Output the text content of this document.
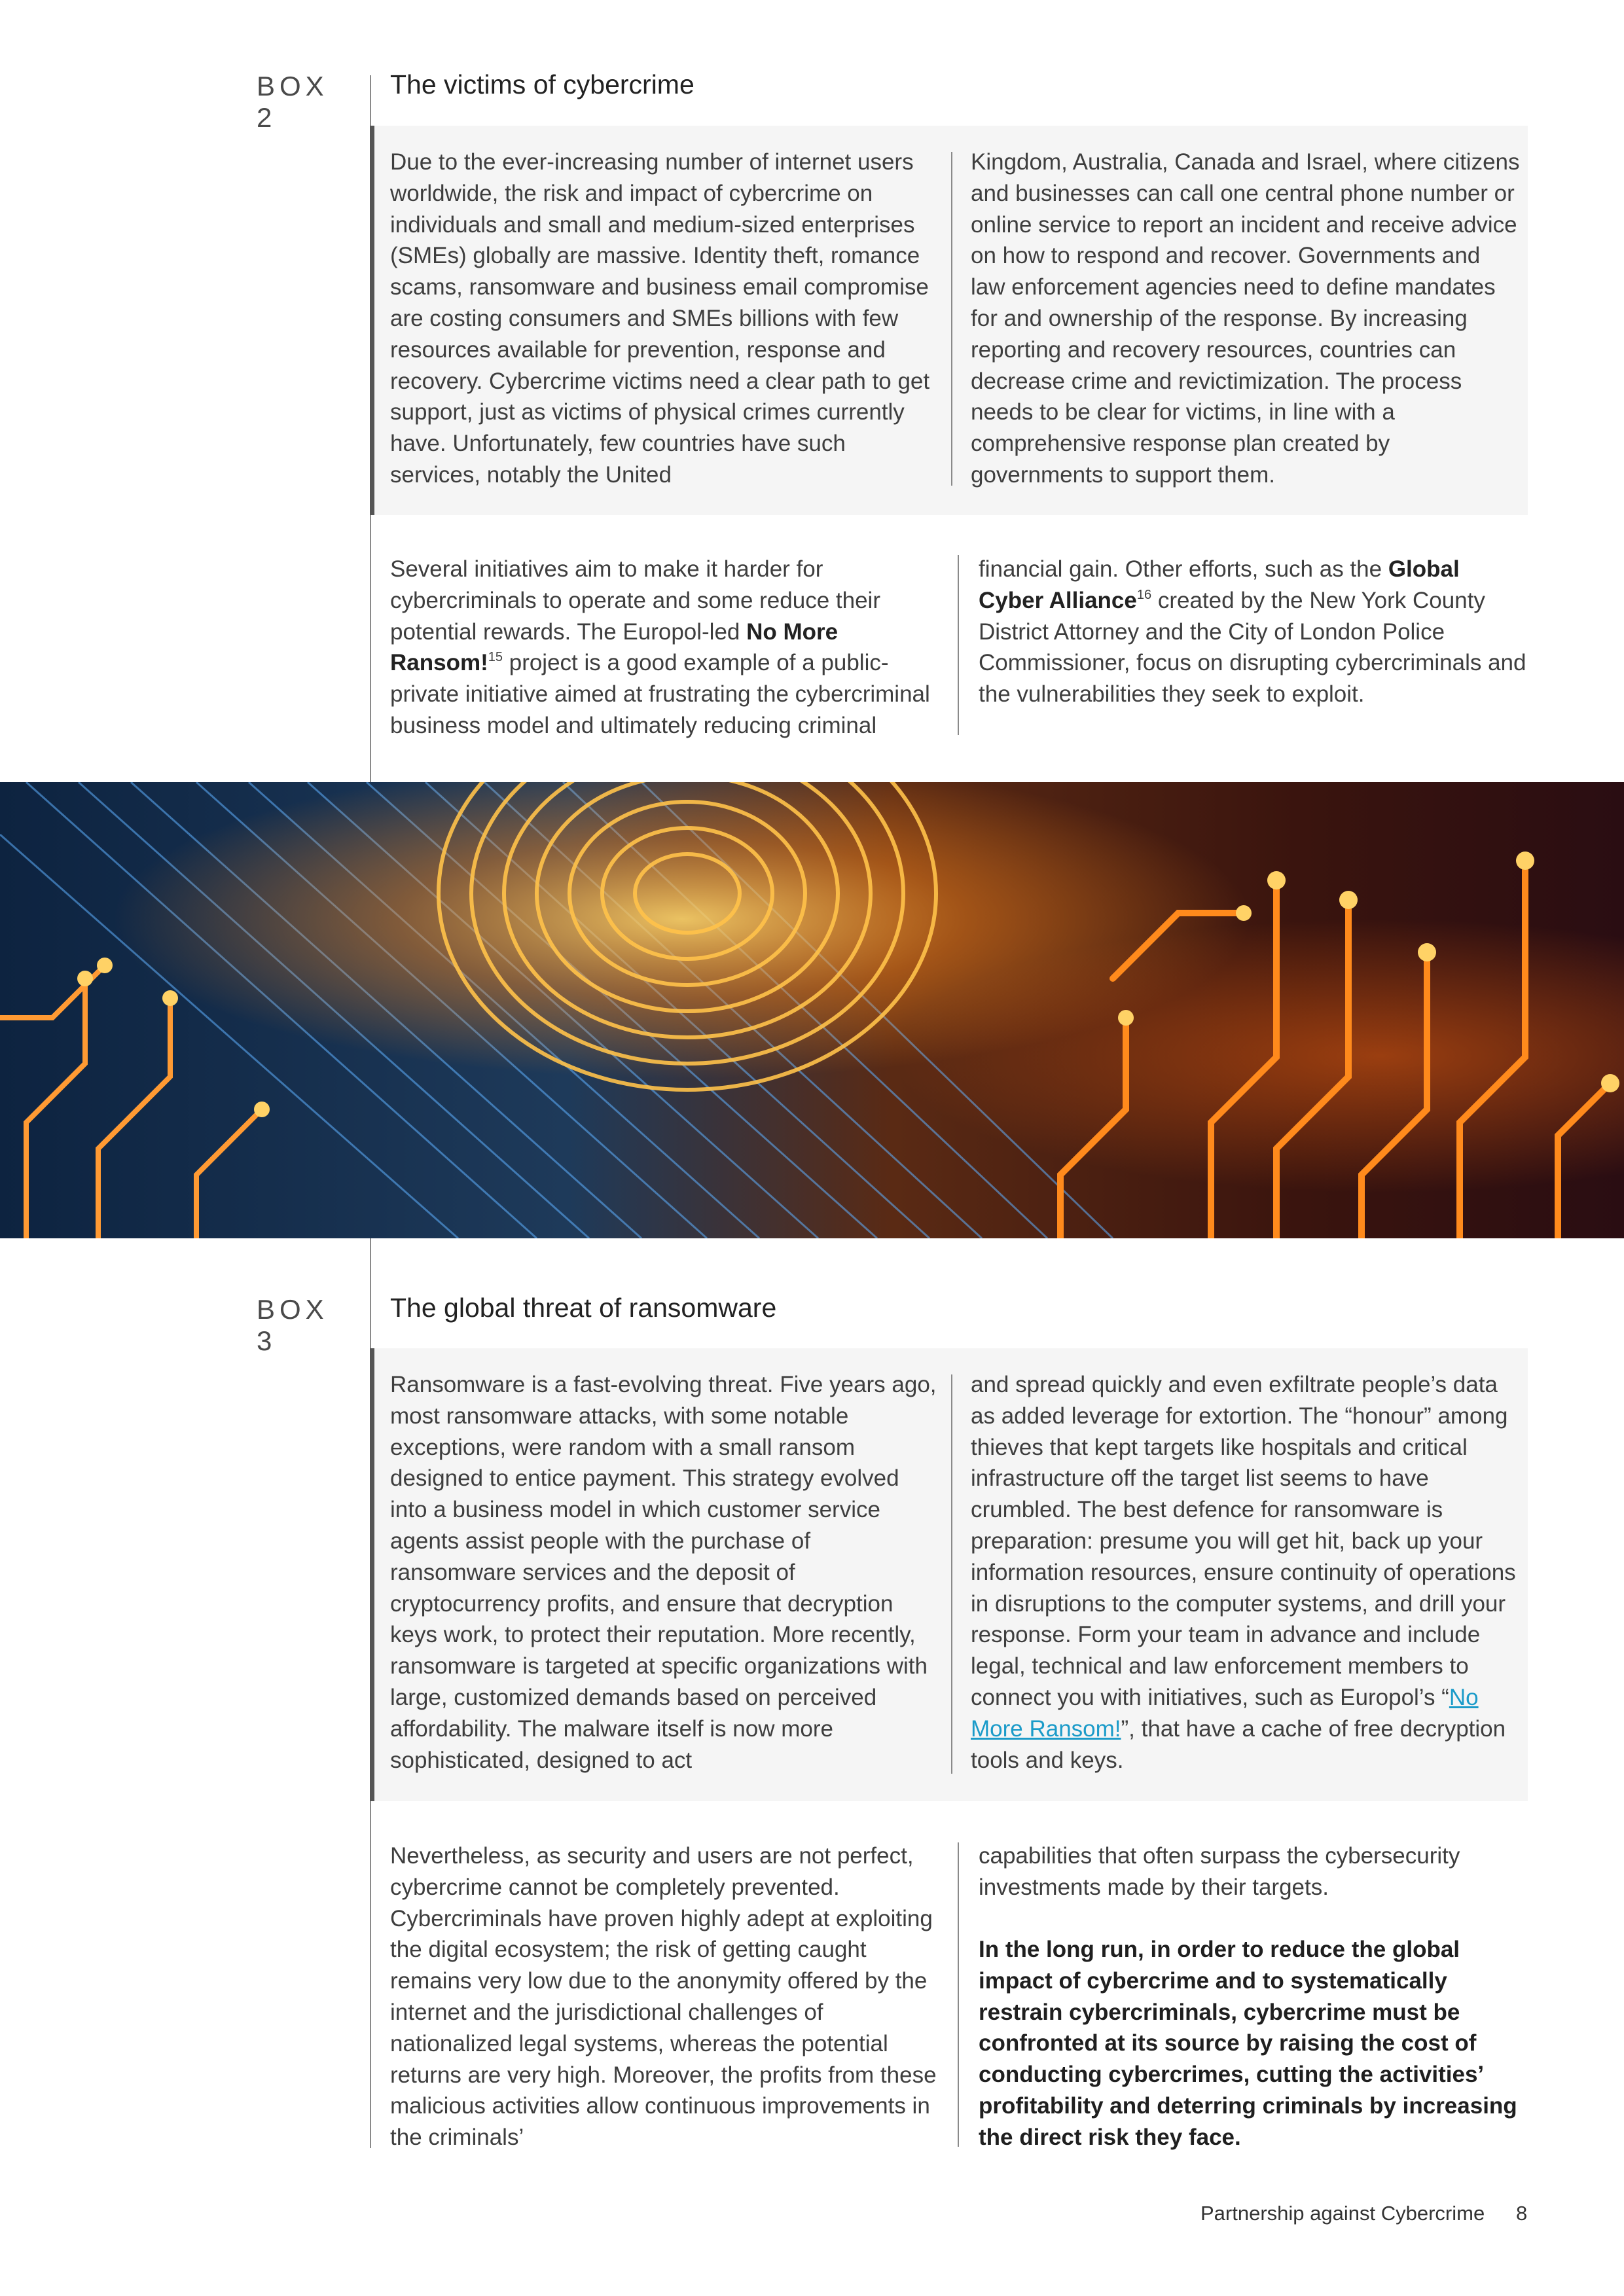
BOX 2
The victims of cybercrime
Due to the ever-increasing number of internet users worldwide, the risk and impact of cybercrime on individuals and small and medium-sized enterprises (SMEs) globally are massive. Identity theft, romance scams, ransomware and business email compromise are costing consumers and SMEs billions with few resources available for prevention, response and recovery. Cybercrime victims need a clear path to get support, just as victims of physical crimes currently have. Unfortunately, few countries have such services, notably the United
Kingdom, Australia, Canada and Israel, where citizens and businesses can call one central phone number or online service to report an incident and receive advice on how to respond and recover. Governments and law enforcement agencies need to define mandates for and ownership of the response. By increasing reporting and recovery resources, countries can decrease crime and revictimization. The process needs to be clear for victims, in line with a comprehensive response plan created by governments to support them.
Several initiatives aim to make it harder for cybercriminals to operate and some reduce their potential rewards. The Europol-led No More Ransom!$^{15}$ project is a good example of a public-private initiative aimed at frustrating the cybercriminal business model and ultimately reducing criminal
financial gain. Other efforts, such as the Global Cyber Alliance$^{16}$ created by the New York County District Attorney and the City of London Police Commissioner, focus on disrupting cybercriminals and the vulnerabilities they seek to exploit.
BOX 3
The global threat of ransomware
Ransomware is a fast-evolving threat. Five years ago, most ransomware attacks, with some notable exceptions, were random with a small ransom designed to entice payment. This strategy evolved into a business model in which customer service agents assist people with the purchase of ransomware services and the deposit of cryptocurrency profits, and ensure that decryption keys work, to protect their reputation. More recently, ransomware is targeted at specific organizations with large, customized demands based on perceived affordability. The malware itself is now more sophisticated, designed to act
and spread quickly and even exfiltrate people’s data as added leverage for extortion. The “honour” among thieves that kept targets like hospitals and critical infrastructure off the target list seems to have crumbled. The best defence for ransomware is preparation: presume you will get hit, back up your information resources, ensure continuity of operations in disruptions to the computer systems, and drill your response. Form your team in advance and include legal, technical and law enforcement members to connect you with initiatives, such as Europol’s “No More Ransom!”, that have a cache of free decryption tools and keys.
Nevertheless, as security and users are not perfect, cybercrime cannot be completely prevented. Cybercriminals have proven highly adept at exploiting the digital ecosystem; the risk of getting caught remains very low due to the anonymity offered by the internet and the jurisdictional challenges of nationalized legal systems, whereas the potential returns are very high. Moreover, the profits from these malicious activities allow continuous improvements in the criminals’
capabilities that often surpass the cybersecurity investments made by their targets.
In the long run, in order to reduce the global impact of cybercrime and to systematically restrain cybercriminals, cybercrime must be confronted at its source by raising the cost of conducting cybercrimes, cutting the activities’ profitability and deterring criminals by increasing the direct risk they face.
Partnership against Cybercrime 8
